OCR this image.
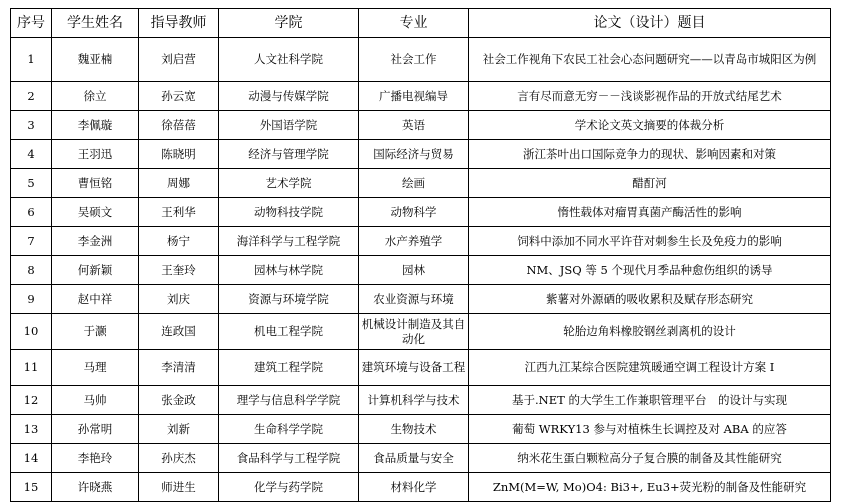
序号	学生姓名	指导教师	学院	专业	论文（设计）题目
1	魏亚楠	刘启营	人文社科学院	社会工作	社会工作视角下农民工社会心态问题研究——以青岛市城阳区为例
2	徐立	孙云宽	动漫与传媒学院	广播电视编导	言有尽而意无穷－－浅谈影视作品的开放式结尾艺术
3	李佩璇	徐蓓蓓	外国语学院	英语	学术论文英文摘要的体裁分析
4	王羽迅	陈晓明	经济与管理学院	国际经济与贸易	浙江茶叶出口国际竞争力的现状、影响因素和对策
5	曹恒铭	周娜	艺术学院	绘画	醋酊河
6	吴硕文	王利华	动物科技学院	动物科学	惰性载体对瘤胃真菌产酶活性的影响
7	李金洲	杨宁	海洋科学与工程学院	水产养殖学	饲料中添加不同水平许苷对刺参生长及免疫力的影响
8	何新颖	王奎玲	园林与林学院	园林	NM、JSQ 等 5 个现代月季品种愈伤组织的诱导
9	赵中祥	刘庆	资源与环境学院	农业资源与环境	紫薯对外源硒的吸收累积及赋存形态研究
10	于灏	连政国	机电工程学院	机械设计制造及其自动化	轮胎边角料橡胶钢丝剥离机的设计
11	马理	李清清	建筑工程学院	建筑环境与设备工程	江西九江某综合医院建筑暖通空调工程设计方案 I
12	马帅	张金政	理学与信息科学学院	计算机科学与技术	基于.NET 的大学生工作兼职管理平台　的设计与实现
13	孙常明	刘新	生命科学学院	生物技术	葡萄 WRKY13 参与对植株生长调控及对 ABA 的应答
14	李艳玲	孙庆杰	食品科学与工程学院	食品质量与安全	纳米花生蛋白颗粒高分子复合膜的制备及其性能研究
15	许晓燕	师进生	化学与药学院	材料化学	ZnM(M=W, Mo)O4: Bi3+, Eu3+荧光粉的制备及性能研究
